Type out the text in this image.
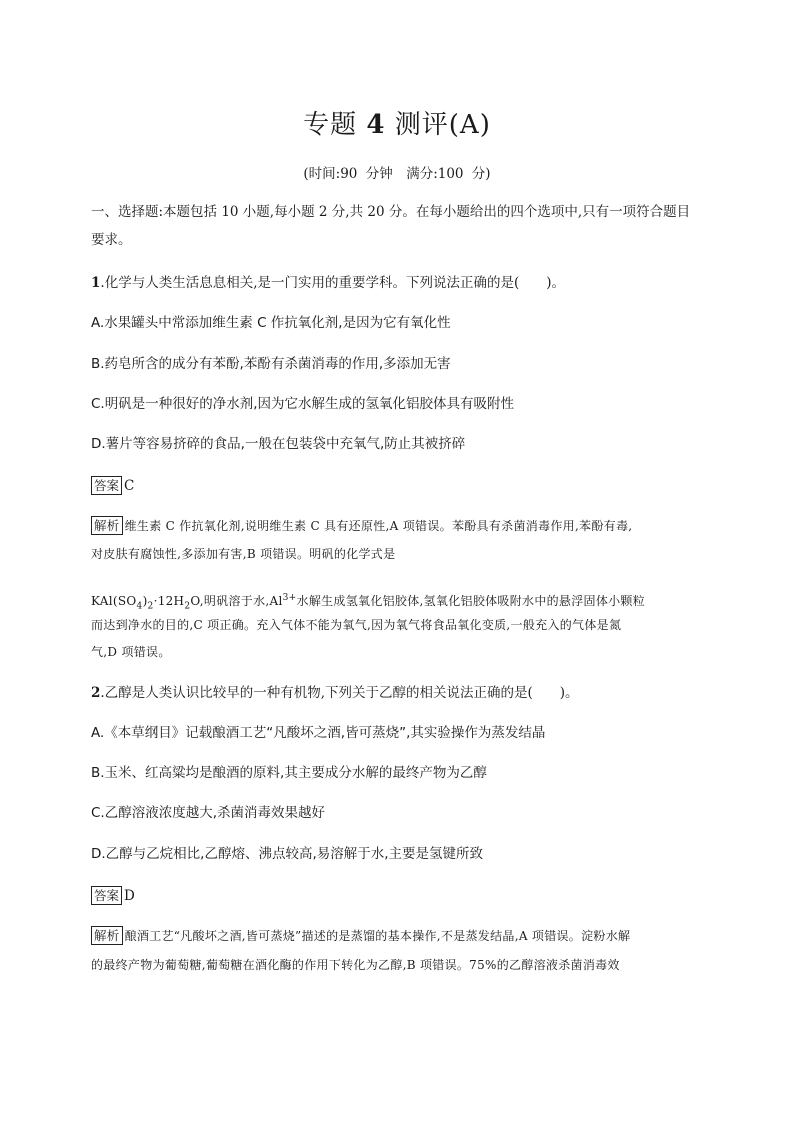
专题 4 测评(A)
(时间:90 分钟　满分:100 分)
一、选择题:本题包括 10 小题,每小题 2 分,共 20 分。在每小题给出的四个选项中,只有一项符合题目
要求。
1.化学与人类生活息息相关,是一门实用的重要学科。下列说法正确的是(　　)。
A.水果罐头中常添加维生素 C 作抗氧化剂,是因为它有氧化性
B.药皂所含的成分有苯酚,苯酚有杀菌消毒的作用,多添加无害
C.明矾是一种很好的净水剂,因为它水解生成的氢氧化铝胶体具有吸附性
D.薯片等容易挤碎的食品,一般在包装袋中充氧气,防止其被挤碎
答案 C
解析 维生素 C 作抗氧化剂,说明维生素 C 具有还原性,A 项错误。苯酚具有杀菌消毒作用,苯酚有毒,
对皮肤有腐蚀性,多添加有害,B 项错误。明矾的化学式是
$KAl(SO_4)_2\cdot 12H_2O$,明矾溶于水$,Al^{3+}$水解生成氢氧化铝胶体,氢氧化铝胶体吸附水中的悬浮固体小颗粒
而达到净水的目的,C 项正确。充入气体不能为氧气,因为氧气将食品氧化变质,一般充入的气体是氮
气,D 项错误。
2.乙醇是人类认识比较早的一种有机物,下列关于乙醇的相关说法正确的是(　　)。
A.《本草纲目》记载酿酒工艺“凡酸坏之酒,皆可蒸烧”,其实验操作为蒸发结晶
B.玉米、红高粱均是酿酒的原料,其主要成分水解的最终产物为乙醇
C.乙醇溶液浓度越大,杀菌消毒效果越好
D.乙醇与乙烷相比,乙醇熔、沸点较高,易溶解于水,主要是氢键所致
答案 D
解析 酿酒工艺“凡酸坏之酒,皆可蒸烧”描述的是蒸馏的基本操作,不是蒸发结晶,A 项错误。淀粉水解
的最终产物为葡萄糖,葡萄糖在酒化酶的作用下转化为乙醇,B 项错误。75%的乙醇溶液杀菌消毒效
